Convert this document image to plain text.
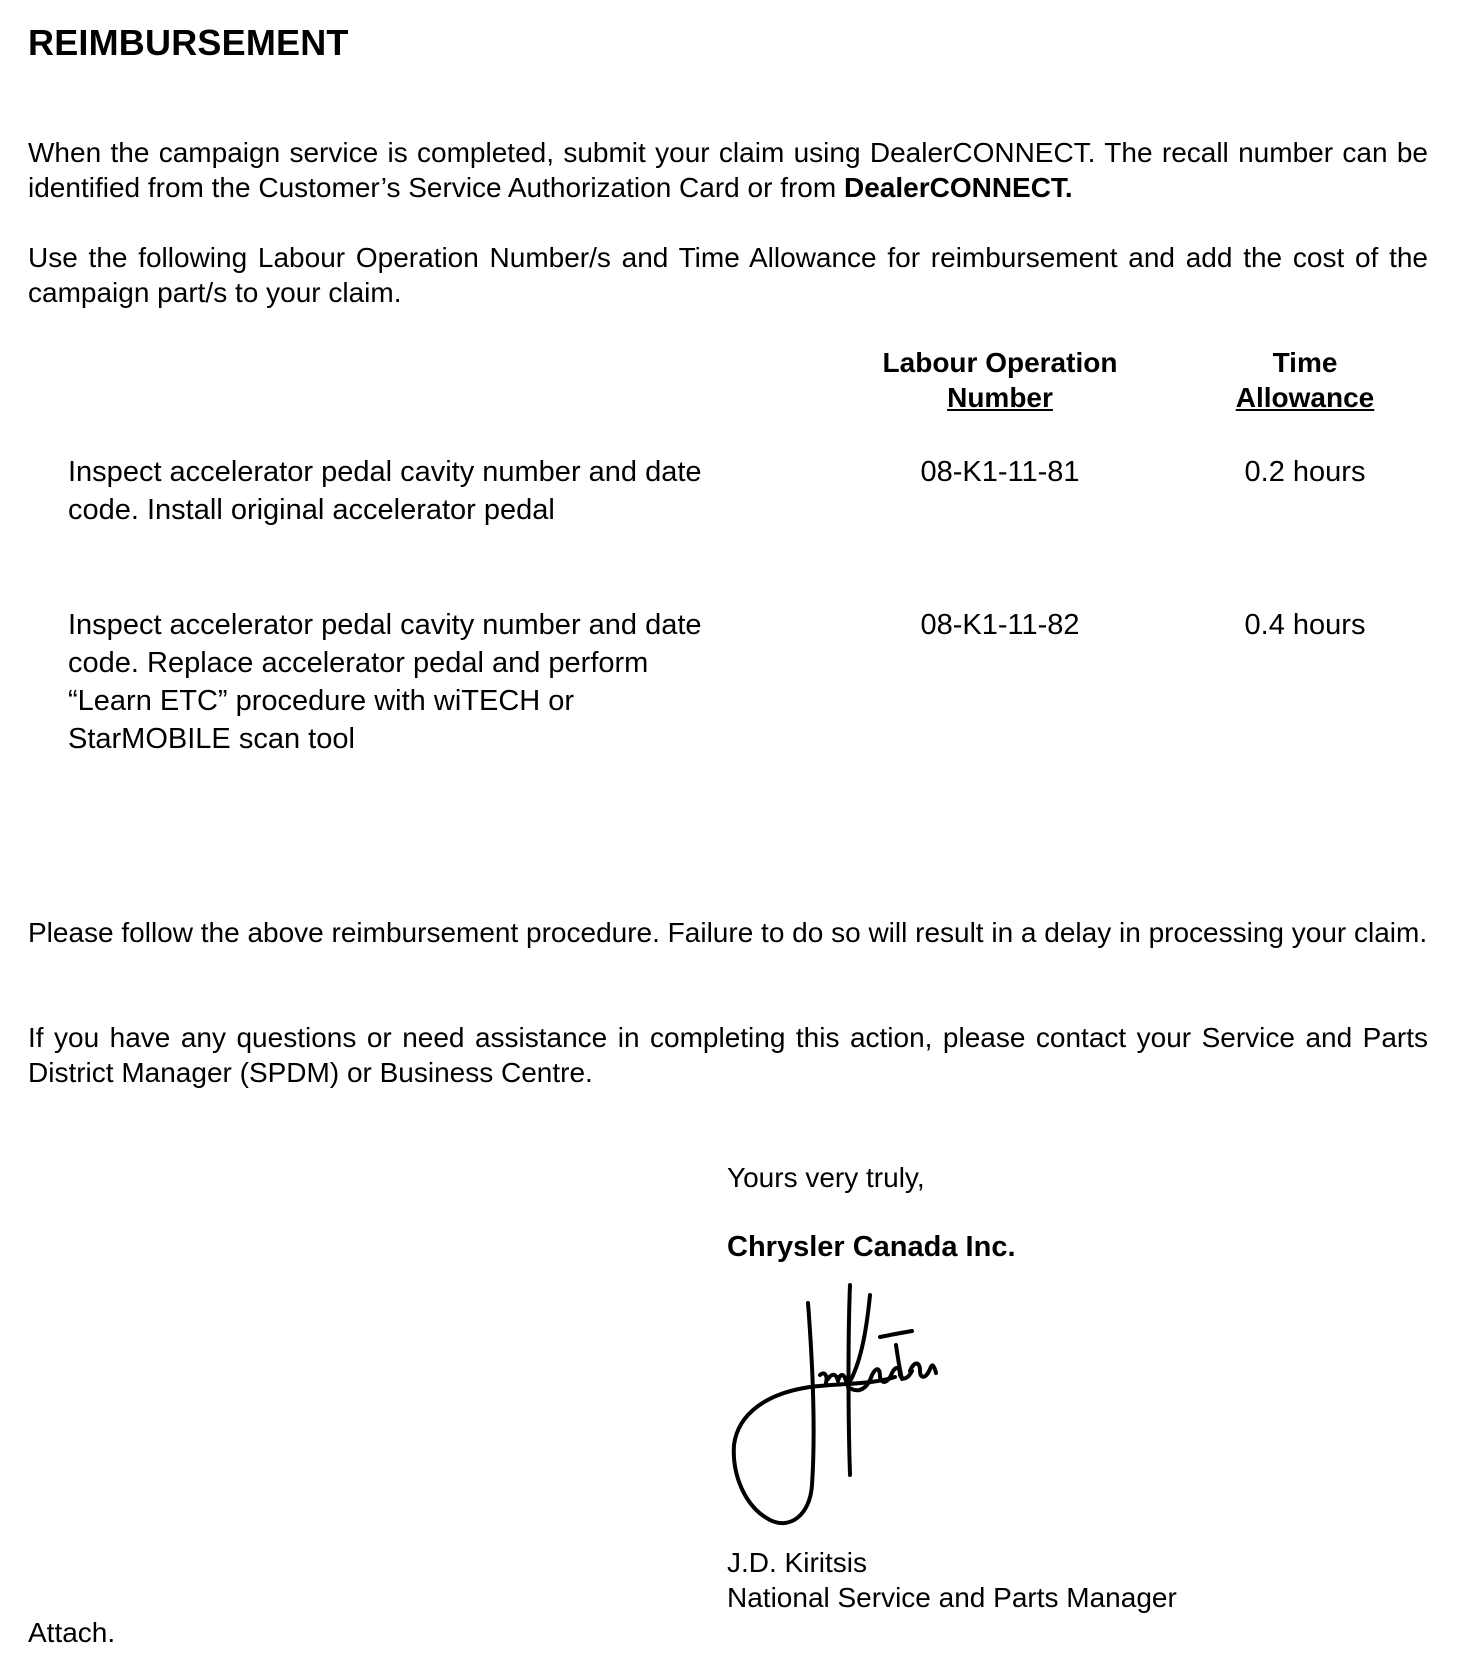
REIMBURSEMENT
When the campaign service is completed, submit your claim using DealerCONNECT. The recall number can be identified from the Customer’s Service Authorization Card or from DealerCONNECT.
Use the following Labour Operation Number/s and Time Allowance for reimbursement and add the cost of the campaign part/s to your claim.
Labour Operation
Number
Time
Allowance
Inspect accelerator pedal cavity number and date code. Install original accelerator pedal
08-K1-11-81	0.2 hours
Inspect accelerator pedal cavity number and date code. Replace accelerator pedal and perform “Learn ETC” procedure with wiTECH or StarMOBILE scan tool
08-K1-11-82	0.4 hours
Please follow the above reimbursement procedure. Failure to do so will result in a delay in processing your claim.
If you have any questions or need assistance in completing this action, please contact your Service and Parts District Manager (SPDM) or Business Centre.
Yours very truly,
Chrysler Canada Inc.
J.D. Kiritsis
National Service and Parts Manager
Attach.
